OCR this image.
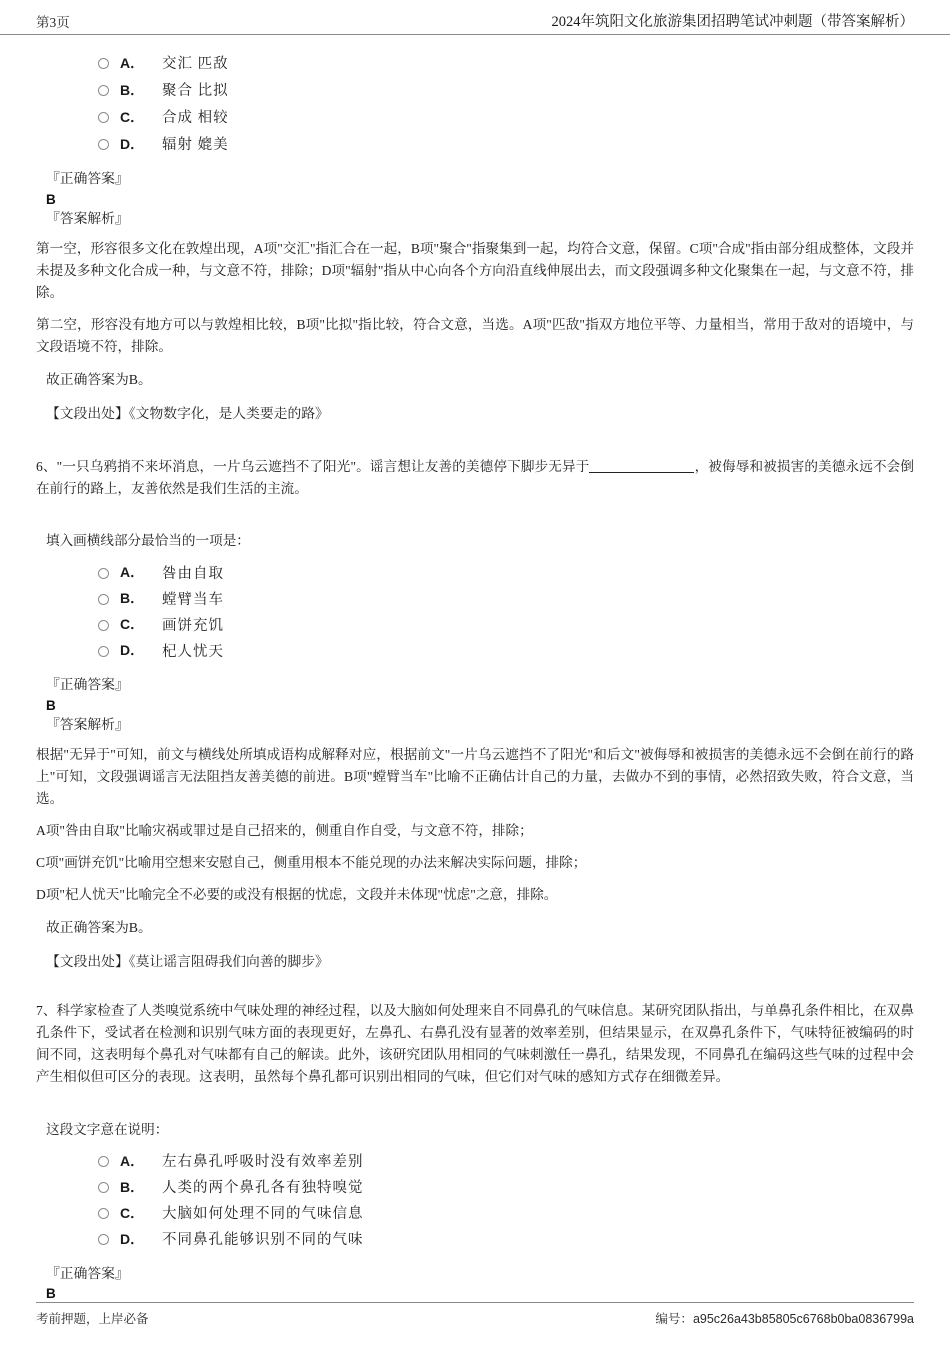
第3页	2024年筑阳文化旅游集团招聘笔试冲刺题（带答案解析）
A．	交汇 匹敌
B．	聚合 比拟
C．	合成 相较
D．	辐射 媲美
『正确答案』
B
『答案解析』

第一空，形容很多文化在敦煌出现，A项"交汇"指汇合在一起，B项"聚合"指聚集到一起，均符合文意，保留。C项"合成"指由部分组成整体，文段并未提及多种文化合成一种，与文意不符，排除；D项"辐射"指从中心向各个方向沿直线伸展出去，而文段强调多种文化聚集在一起，与文意不符，排除。

第二空，形容没有地方可以与敦煌相比较，B项"比拟"指比较，符合文意，当选。A项"匹敌"指双方地位平等、力量相当，常用于敌对的语境中，与文段语境不符，排除。

故正确答案为B。
【文段出处】《文物数字化，是人类要走的路》

6、"一只乌鸦捎不来坏消息，一片乌云遮挡不了阳光"。谣言想让友善的美德停下脚步无异于	，被侮辱和被损害的美德永远不会倒在前行的路上，友善依然是我们生活的主流。

填入画横线部分最恰当的一项是：
A．	咎由自取
B．	螳臂当车
C．	画饼充饥
D．	杞人忧天
『正确答案』
B
『答案解析』

根据"无异于"可知，前文与横线处所填成语构成解释对应，根据前文"一片乌云遮挡不了阳光"和后文"被侮辱和被损害的美德永远不会倒在前行的路上"可知，文段强调谣言无法阻挡友善美德的前进。B项"螳臂当车"比喻不正确估计自己的力量，去做办不到的事情，必然招致失败，符合文意，当选。

A项"咎由自取"比喻灾祸或罪过是自己招来的，侧重自作自受，与文意不符，排除；

C项"画饼充饥"比喻用空想来安慰自己，侧重用根本不能兑现的办法来解决实际问题，排除；

D项"杞人忧天"比喻完全不必要的或没有根据的忧虑，文段并未体现"忧虑"之意，排除。

故正确答案为B。
【文段出处】《莫让谣言阻碍我们向善的脚步》

7、科学家检查了人类嗅觉系统中气味处理的神经过程，以及大脑如何处理来自不同鼻孔的气味信息。某研究团队指出，与单鼻孔条件相比，在双鼻孔条件下，受试者在检测和识别气味方面的表现更好，左鼻孔、右鼻孔没有显著的效率差别，但结果显示，在双鼻孔条件下，气味特征被编码的时间不同，这表明每个鼻孔对气味都有自己的解读。此外，该研究团队用相同的气味刺激任一鼻孔，结果发现，不同鼻孔在编码这些气味的过程中会产生相似但可区分的表现。这表明，虽然每个鼻孔都可识别出相同的气味，但它们对气味的感知方式存在细微差异。

这段文字意在说明：
A．	左右鼻孔呼吸时没有效率差别
B．	人类的两个鼻孔各有独特嗅觉
C．	大脑如何处理不同的气味信息
D．	不同鼻孔能够识别不同的气味
『正确答案』
B
考前押题，上岸必备	编号：a95c26a43b85805c6768b0ba0836799a
